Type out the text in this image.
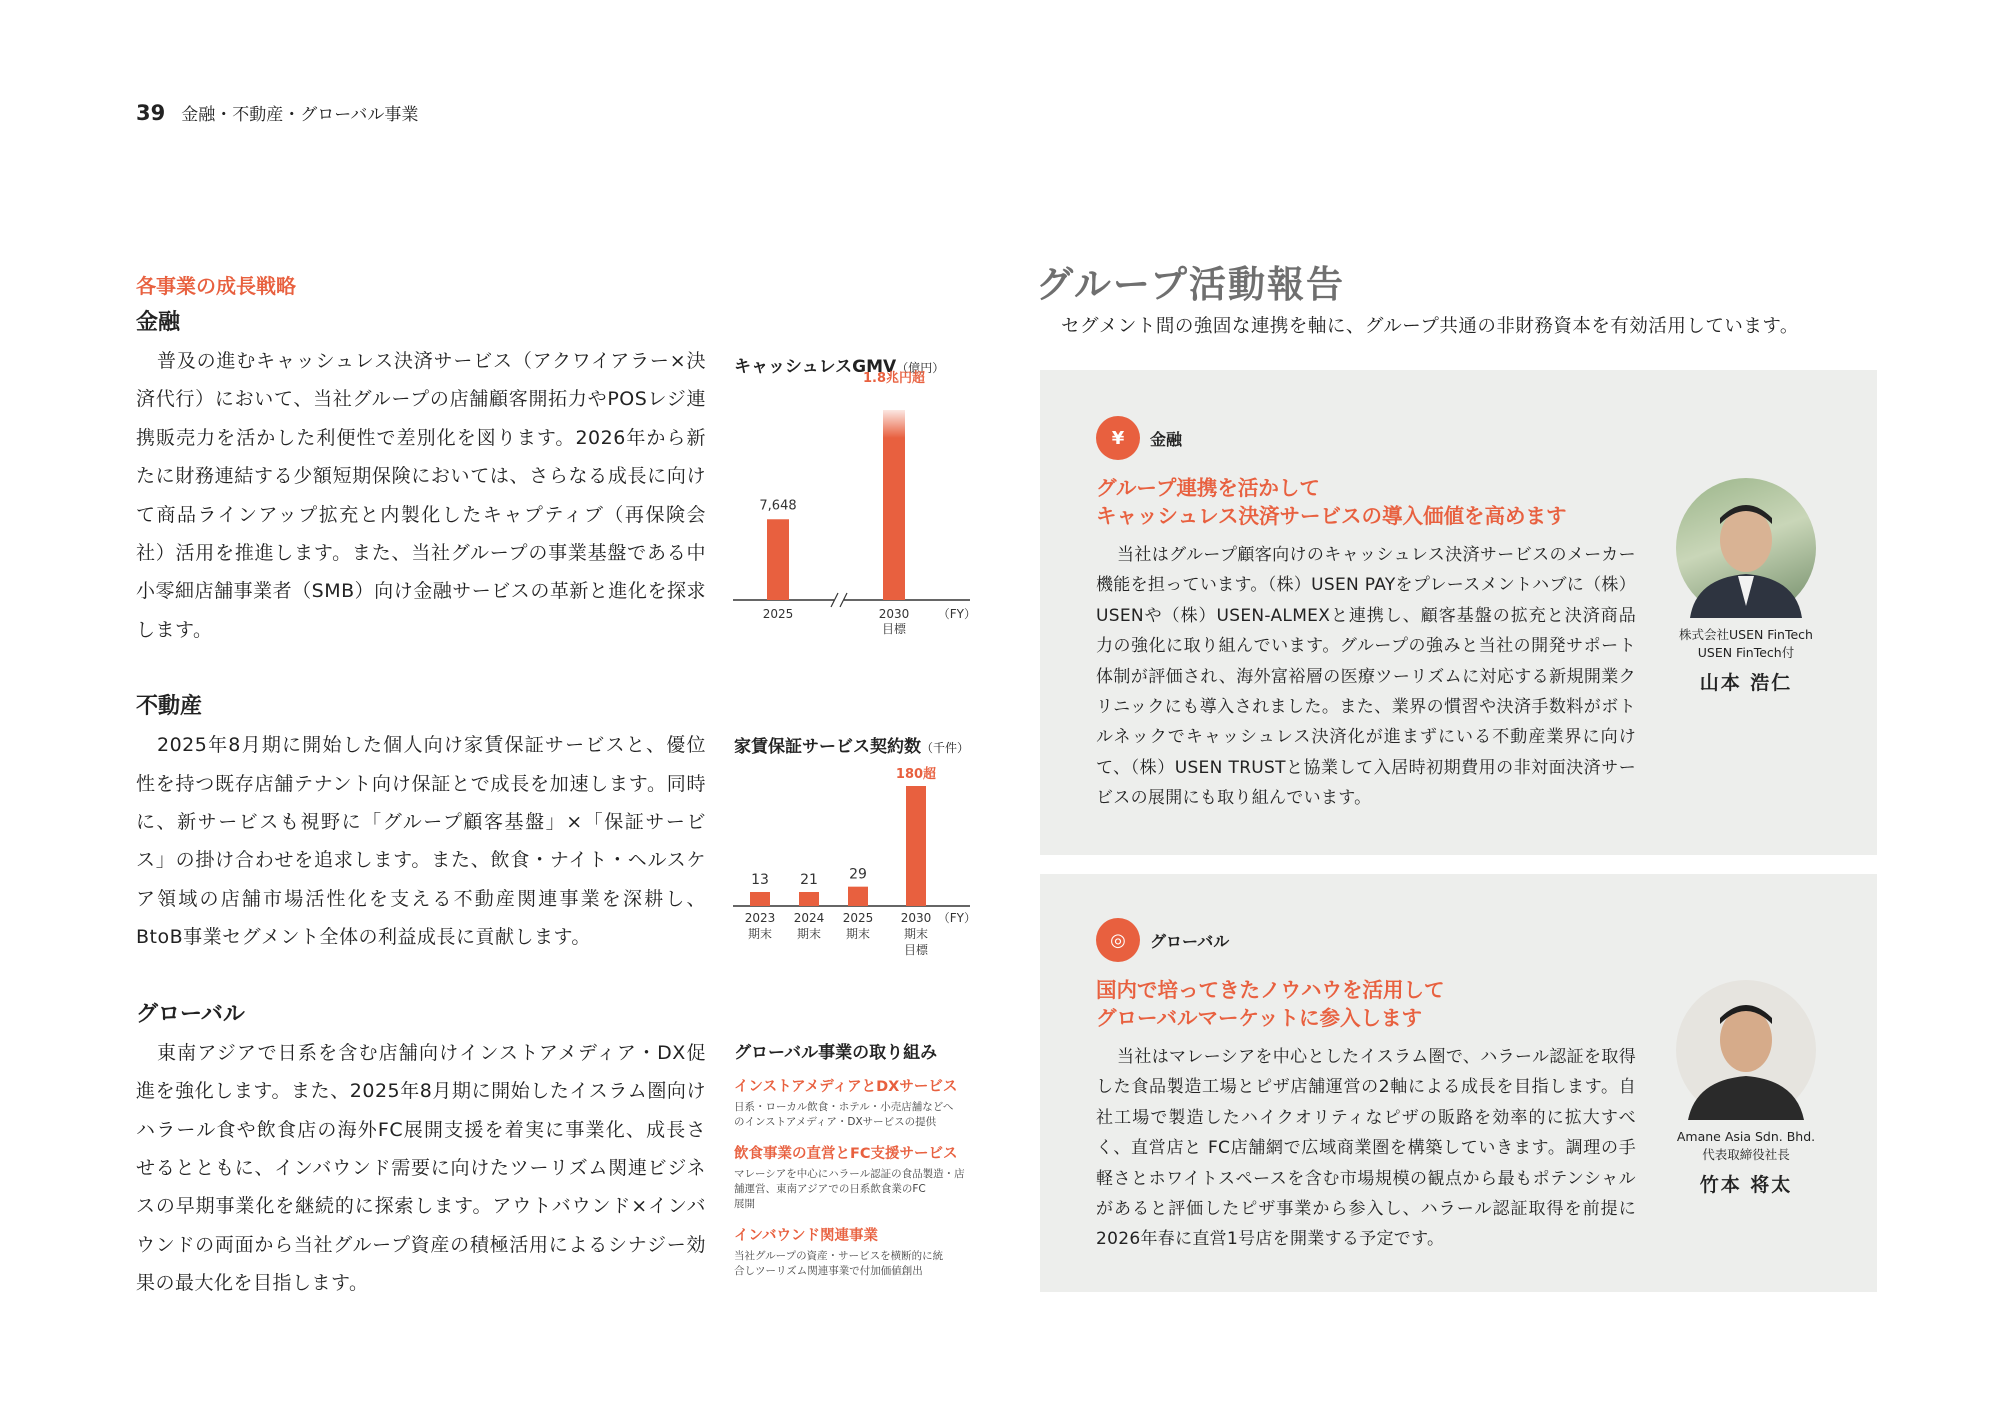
39 金融・不動産・グローバル事業
各事業の成長戦略
金融
普及の進むキャッシュレス決済サービス（アクワイアラー×決済代行）において、当社グループの店舗顧客開拓力やPOSレジ連携販売力を活かした利便性で差別化を図ります。2026年から新たに財務連結する少額短期保険においては、さらなる成長に向けて商品ラインアップ拡充と内製化したキャプティブ（再保険会社）活用を推進します。また、当社グループの事業基盤である中小零細店舗事業者（SMB）向け金融サービスの革新と進化を探求します。
不動産
2025年8月期に開始した個人向け家賃保証サービスと、優位性を持つ既存店舗テナント向け保証とで成長を加速します。同時に、新サービスも視野に「グループ顧客基盤」×「保証サービス」の掛け合わせを追求します。また、飲食・ナイト・ヘルスケア領域の店舗市場活性化を支える不動産関連事業を深耕し、BtoB事業セグメント全体の利益成長に貢献します。
グローバル
東南アジアで日系を含む店舗向けインストアメディア・DX促進を強化します。また、2025年8月期に開始したイスラム圏向けハラール食や飲食店の海外FC展開支援を着実に事業化、成長させるとともに、インバウンド需要に向けたツーリズム関連ビジネスの早期事業化を継続的に探索します。アウトバウンド×インバウンドの両面から当社グループ資産の積極活用によるシナジー効果の最大化を目指します。
キャッシュレスGMV（億円）
7,648
1.8兆円超
2025	2030
目標
（FY）
家賃保証サービス契約数（千件）
13
2023
期末
21
2024
期末
29
2025
期末
180超
2030
期末
目標
（FY）
グローバル事業の取り組み
インストアメディアとDXサービス
日系・ローカル飲食・ホテル・小売店舗などへ
のインストアメディア・DXサービスの提供
飲食事業の直営とFC支援サービス
マレーシアを中心にハラール認証の食品製造・店
舗運営、東南アジアでの日系飲食業のFC
展開
インバウンド関連事業
当社グループの資産・サービスを横断的に統
合しツーリズム関連事業で付加価値創出
グループ活動報告
セグメント間の強固な連携を軸に、グループ共通の非財務資本を有効活用しています。
¥	金融
グループ連携を活かして
キャッシュレス決済サービスの導入価値を高めます
当社はグループ顧客向けのキャッシュレス決済サービスのメーカー機能を担っています。（株）USEN PAYをプレースメントハブに（株）USENや（株）USEN-ALMEXと連携し、顧客基盤の拡充と決済商品力の強化に取り組んでいます。グループの強みと当社の開発サポート体制が評価され、海外富裕層の医療ツーリズムに対応する新規開業クリニックにも導入されました。また、業界の慣習や決済手数料がボトルネックでキャッシュレス決済化が進まずにいる不動産業界に向けて、（株）USEN TRUSTと協業して入居時初期費用の非対面決済サービスの展開にも取り組んでいます。
株式会社USEN FinTech
USEN FinTech付
山本 浩仁
◎	グローバル
国内で培ってきたノウハウを活用して
グローバルマーケットに参入します
当社はマレーシアを中心としたイスラム圏で、ハラール認証を取得した食品製造工場とピザ店舗運営の2軸による成長を目指します。自社工場で製造したハイクオリティなピザの販路を効率的に拡大すべく、直営店と FC店舗網で広域商業圏を構築していきます。調理の手軽さとホワイトスペースを含む市場規模の観点から最もポテンシャルがあると評価したピザ事業から参入し、ハラール認証取得を前提に2026年春に直営1号店を開業する予定です。
Amane Asia Sdn. Bhd.
代表取締役社長
竹本 将太
